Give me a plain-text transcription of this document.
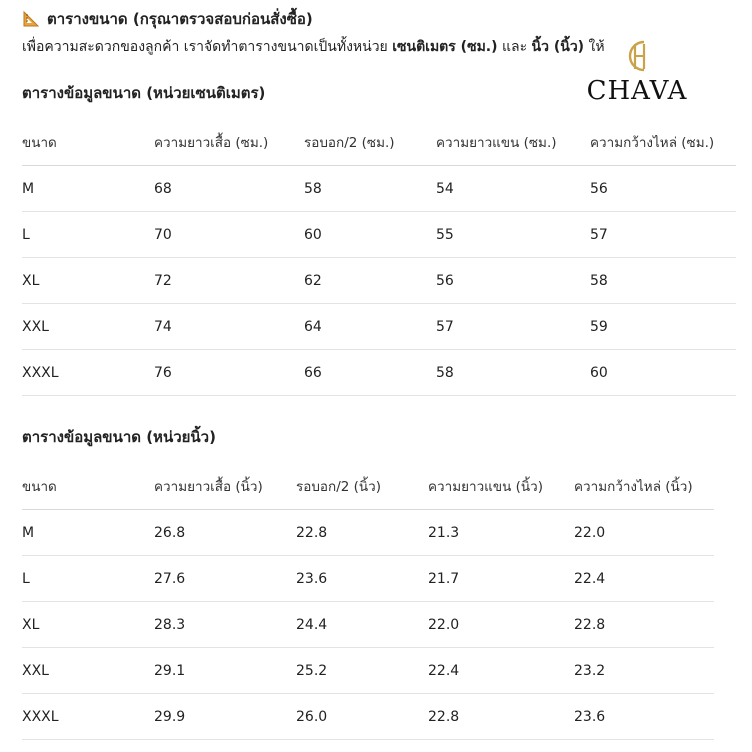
ตารางขนาด (กรุณาตรวจสอบก่อนสั่งซื้อ)
เพื่อความสะดวกของลูกค้า เราจัดทำตารางขนาดเป็นทั้งหน่วย เซนติเมตร (ซม.) และ นิ้ว (นิ้ว) ให้
CHAVA
ตารางข้อมูลขนาด (หน่วยเซนติเมตร)
ขนาด	ความยาวเสื้อ (ซม.)	รอบอก/2 (ซม.)	ความยาวแขน (ซม.)	ความกว้างไหล่ (ซม.)
M	68	58	54	56
L	70	60	55	57
XL	72	62	56	58
XXL	74	64	57	59
XXXL	76	66	58	60
ตารางข้อมูลขนาด (หน่วยนิ้ว)
ขนาด	ความยาวเสื้อ (นิ้ว)	รอบอก/2 (นิ้ว)	ความยาวแขน (นิ้ว)	ความกว้างไหล่ (นิ้ว)
M	26.8	22.8	21.3	22.0
L	27.6	23.6	21.7	22.4
XL	28.3	24.4	22.0	22.8
XXL	29.1	25.2	22.4	23.2
XXXL	29.9	26.0	22.8	23.6
